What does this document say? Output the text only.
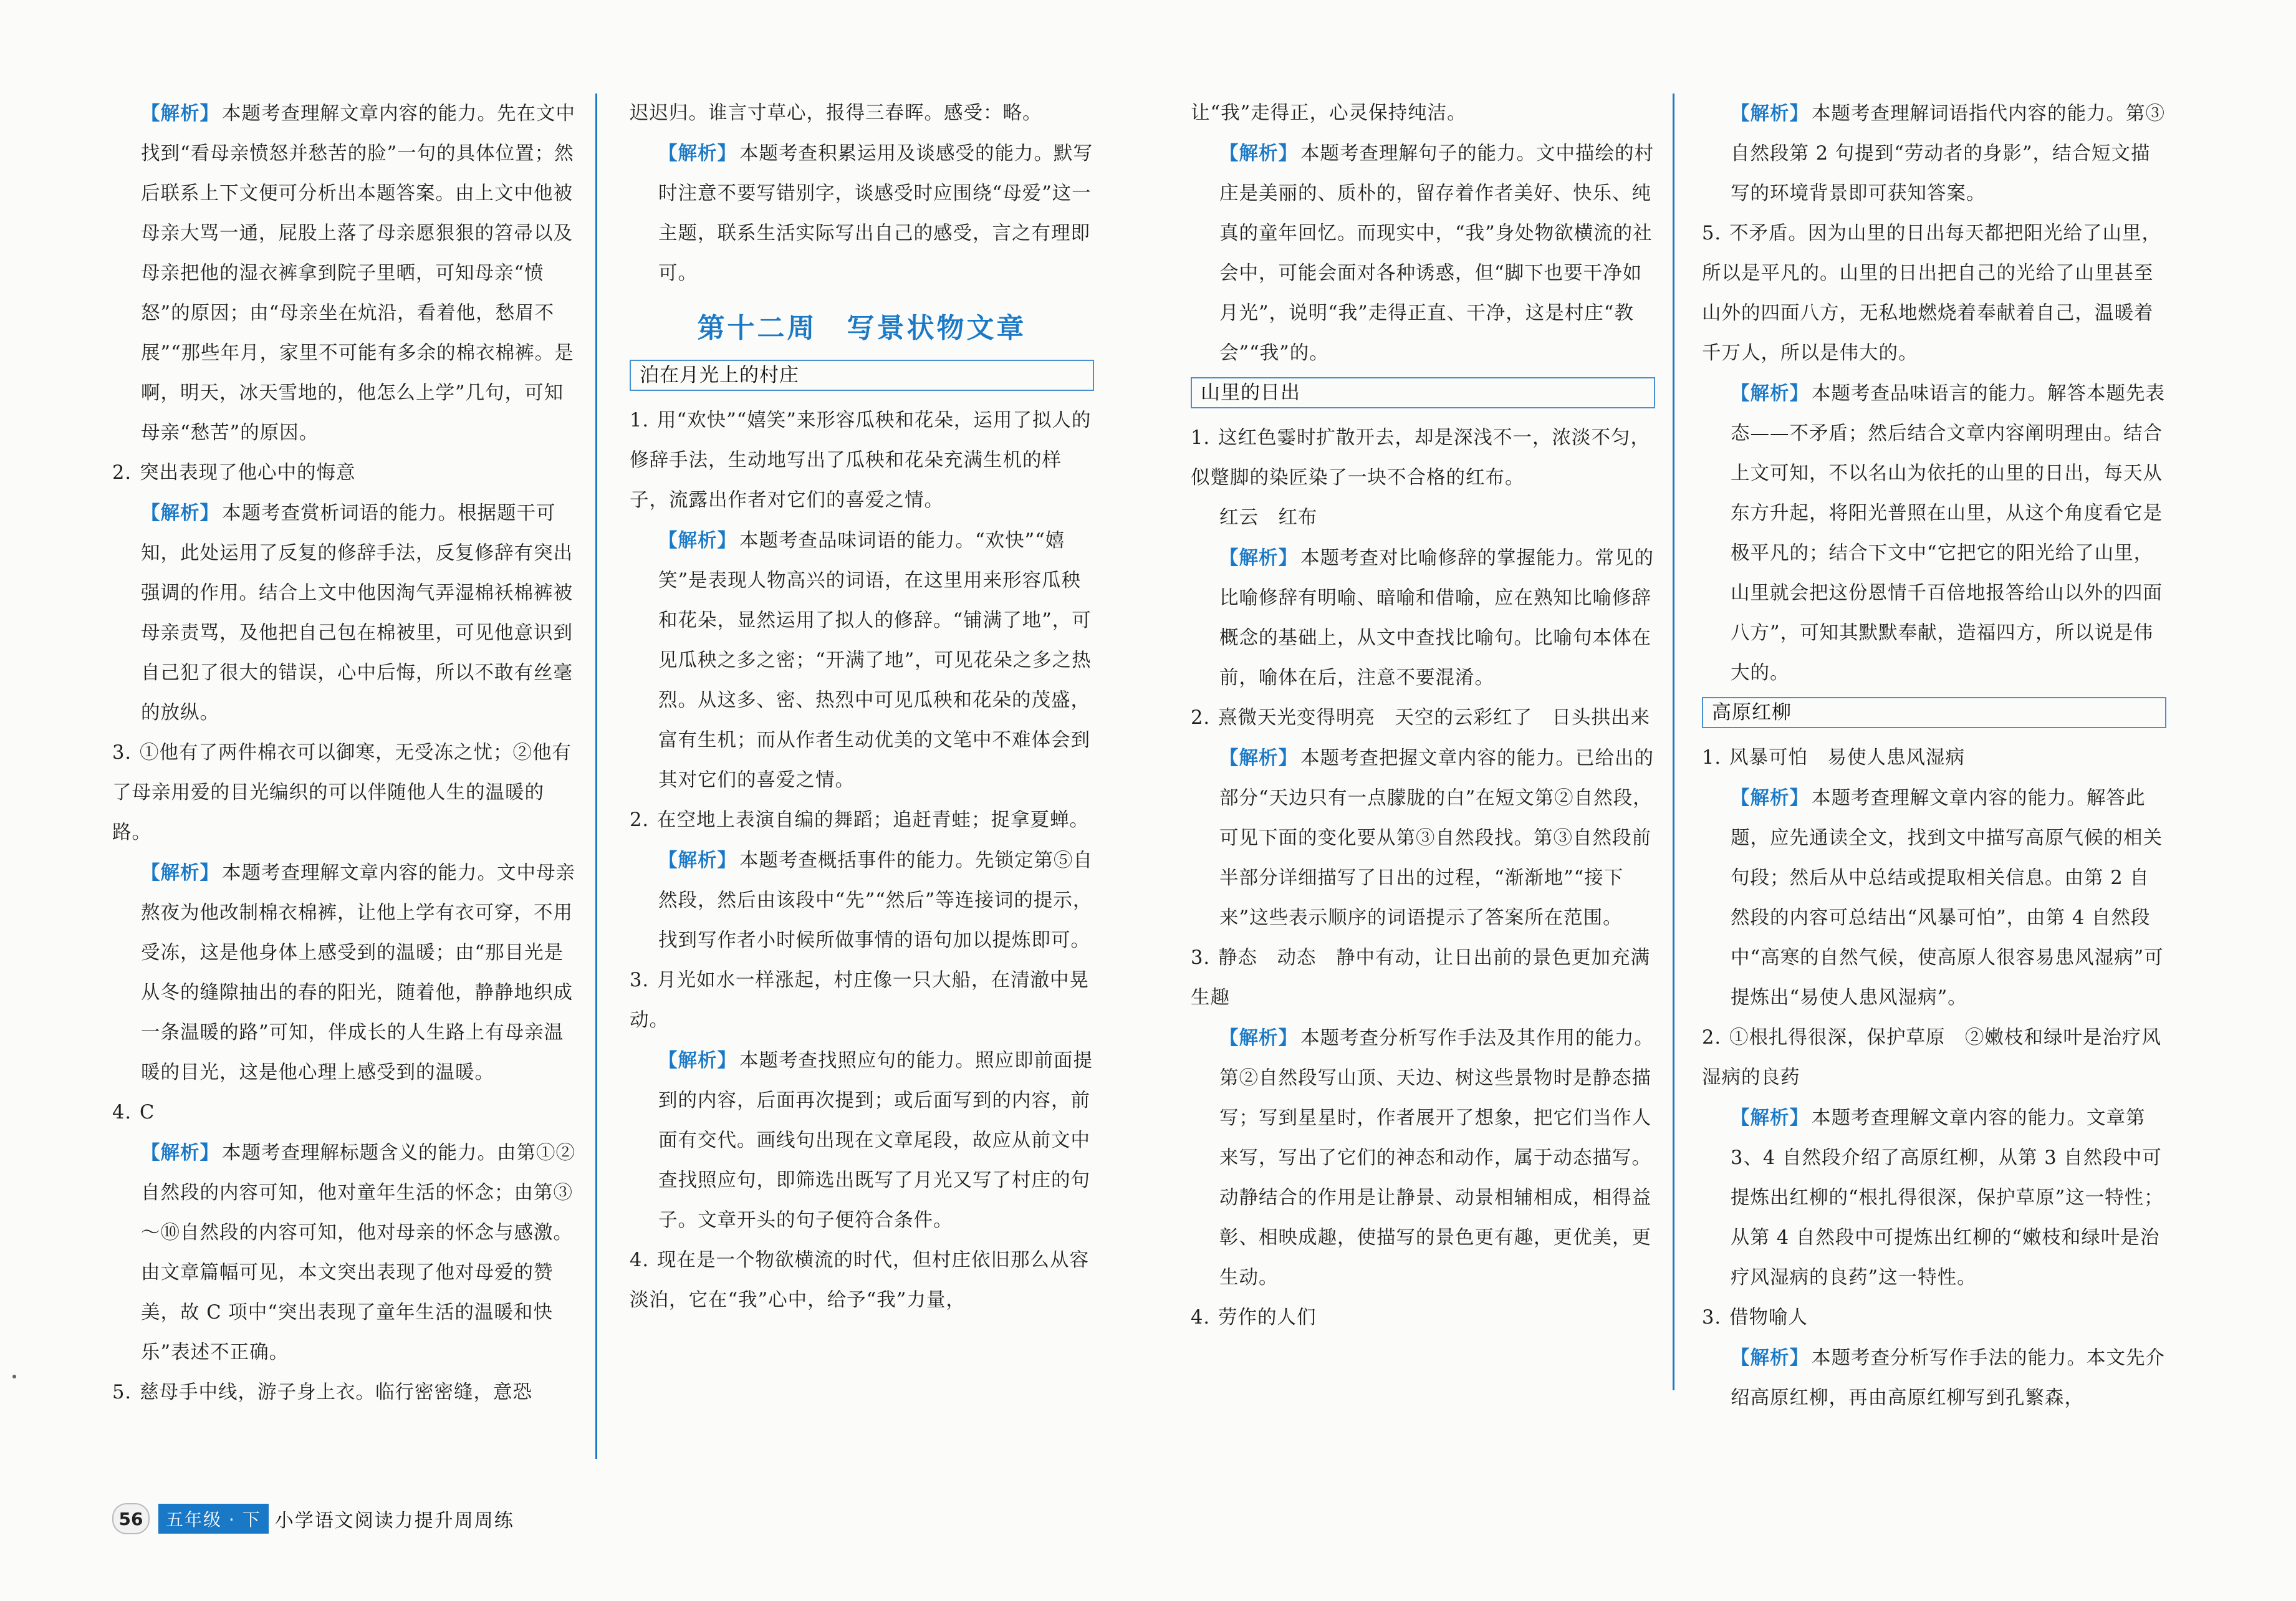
【解析】 本题考查理解文章内容的能力。先在文中找到“看母亲愤怒并愁苦的脸”一句的具体位置；然后联系上下文便可分析出本题答案。由上文中他被母亲大骂一通，屁股上落了母亲愿狠狠的笤帚以及母亲把他的湿衣裤拿到院子里晒，可知母亲“愤怒”的原因；由“母亲坐在炕沿，看着他，愁眉不展”“那些年月，家里不可能有多余的棉衣棉裤。是啊，明天，冰天雪地的，他怎么上学”几句，可知母亲“愁苦”的原因。

2. 突出表现了他心中的悔意

【解析】 本题考查赏析词语的能力。根据题干可知，此处运用了反复的修辞手法，反复修辞有突出强调的作用。结合上文中他因淘气弄湿棉袄棉裤被母亲责骂，及他把自己包在棉被里，可见他意识到自己犯了很大的错误，心中后悔，所以不敢有丝毫的放纵。

3. ①他有了两件棉衣可以御寒，无受冻之忧；②他有了母亲用爱的目光编织的可以伴随他人生的温暖的路。

【解析】 本题考查理解文章内容的能力。文中母亲熬夜为他改制棉衣棉裤，让他上学有衣可穿，不用受冻，这是他身体上感受到的温暖；由“那目光是从冬的缝隙抽出的春的阳光，随着他，静静地织成一条温暖的路”可知，伴成长的人生路上有母亲温暖的目光，这是他心理上感受到的温暖。

4. C

【解析】 本题考查理解标题含义的能力。由第①②自然段的内容可知，他对童年生活的怀念；由第③～⑩自然段的内容可知，他对母亲的怀念与感激。由文章篇幅可见，本文突出表现了他对母爱的赞美，故 C 项中“突出表现了童年生活的温暖和快乐”表述不正确。

5. 慈母手中线，游子身上衣。临行密密缝，意恐

迟迟归。谁言寸草心，报得三春晖。感受：略。

【解析】 本题考查积累运用及谈感受的能力。默写时注意不要写错别字，谈感受时应围绕“母爱”这一主题，联系生活实际写出自己的感受，言之有理即可。

第十二周　写景状物文章
泊在月光上的村庄

1. 用“欢快”“嬉笑”来形容瓜秧和花朵，运用了拟人的修辞手法，生动地写出了瓜秧和花朵充满生机的样子，流露出作者对它们的喜爱之情。

【解析】 本题考查品味词语的能力。“欢快”“嬉笑”是表现人物高兴的词语，在这里用来形容瓜秧和花朵，显然运用了拟人的修辞。“铺满了地”，可见瓜秧之多之密；“开满了地”，可见花朵之多之热烈。从这多、密、热烈中可见瓜秧和花朵的茂盛，富有生机；而从作者生动优美的文笔中不难体会到其对它们的喜爱之情。

2. 在空地上表演自编的舞蹈；追赶青蛙；捉拿夏蝉。

【解析】 本题考查概括事件的能力。先锁定第⑤自然段，然后由该段中“先”“然后”等连接词的提示，找到写作者小时候所做事情的语句加以提炼即可。

3. 月光如水一样涨起，村庄像一只大船，在清澈中晃动。

【解析】 本题考查找照应句的能力。照应即前面提到的内容，后面再次提到；或后面写到的内容，前面有交代。画线句出现在文章尾段，故应从前文中查找照应句，即筛选出既写了月光又写了村庄的句子。文章开头的句子便符合条件。

4. 现在是一个物欲横流的时代，但村庄依旧那么从容淡泊，它在“我”心中，给予“我”力量，

让“我”走得正，心灵保持纯洁。

【解析】 本题考查理解句子的能力。文中描绘的村庄是美丽的、质朴的，留存着作者美好、快乐、纯真的童年回忆。而现实中，“我”身处物欲横流的社会中，可能会面对各种诱惑，但“脚下也要干净如月光”，说明“我”走得正直、干净，这是村庄“教会”“我”的。

山里的日出

1. 这红色霎时扩散开去，却是深浅不一，浓淡不匀，似蹩脚的染匠染了一块不合格的红布。

红云　红布

【解析】 本题考查对比喻修辞的掌握能力。常见的比喻修辞有明喻、暗喻和借喻，应在熟知比喻修辞概念的基础上，从文中查找比喻句。比喻句本体在前，喻体在后，注意不要混淆。

2. 熹微天光变得明亮　天空的云彩红了　日头拱出来

【解析】 本题考查把握文章内容的能力。已给出的部分“天边只有一点朦胧的白”在短文第②自然段，可见下面的变化要从第③自然段找。第③自然段前半部分详细描写了日出的过程，“渐渐地”“接下来”这些表示顺序的词语提示了答案所在范围。

3. 静态　动态　静中有动，让日出前的景色更加充满生趣

【解析】 本题考查分析写作手法及其作用的能力。第②自然段写山顶、天边、树这些景物时是静态描写；写到星星时，作者展开了想象，把它们当作人来写，写出了它们的神态和动作，属于动态描写。动静结合的作用是让静景、动景相辅相成，相得益彰、相映成趣，使描写的景色更有趣，更优美，更生动。

4. 劳作的人们

【解析】 本题考查理解词语指代内容的能力。第③自然段第 2 句提到“劳动者的身影”，结合短文描写的环境背景即可获知答案。

5. 不矛盾。因为山里的日出每天都把阳光给了山里，所以是平凡的。山里的日出把自己的光给了山里甚至山外的四面八方，无私地燃烧着奉献着自己，温暖着千万人，所以是伟大的。

【解析】 本题考查品味语言的能力。解答本题先表态——不矛盾；然后结合文章内容阐明理由。结合上文可知，不以名山为依托的山里的日出，每天从东方升起，将阳光普照在山里，从这个角度看它是极平凡的；结合下文中“它把它的阳光给了山里，山里就会把这份恩情千百倍地报答给山以外的四面八方”，可知其默默奉献，造福四方，所以说是伟大的。

高原红柳

1. 风暴可怕　易使人患风湿病

【解析】 本题考查理解文章内容的能力。解答此题，应先通读全文，找到文中描写高原气候的相关句段；然后从中总结或提取相关信息。由第 2 自然段的内容可总结出“风暴可怕”，由第 4 自然段中“高寒的自然气候，使高原人很容易患风湿病”可提炼出“易使人患风湿病”。

2. ①根扎得很深，保护草原　②嫩枝和绿叶是治疗风湿病的良药

【解析】 本题考查理解文章内容的能力。文章第 3、4 自然段介绍了高原红柳，从第 3 自然段中可提炼出红柳的“根扎得很深，保护草原”这一特性；从第 4 自然段中可提炼出红柳的“嫩枝和绿叶是治疗风湿病的良药”这一特性。

3. 借物喻人

【解析】 本题考查分析写作手法的能力。本文先介绍高原红柳，再由高原红柳写到孔繁森，

56	五年级 · 下 小学语文阅读力提升周周练
